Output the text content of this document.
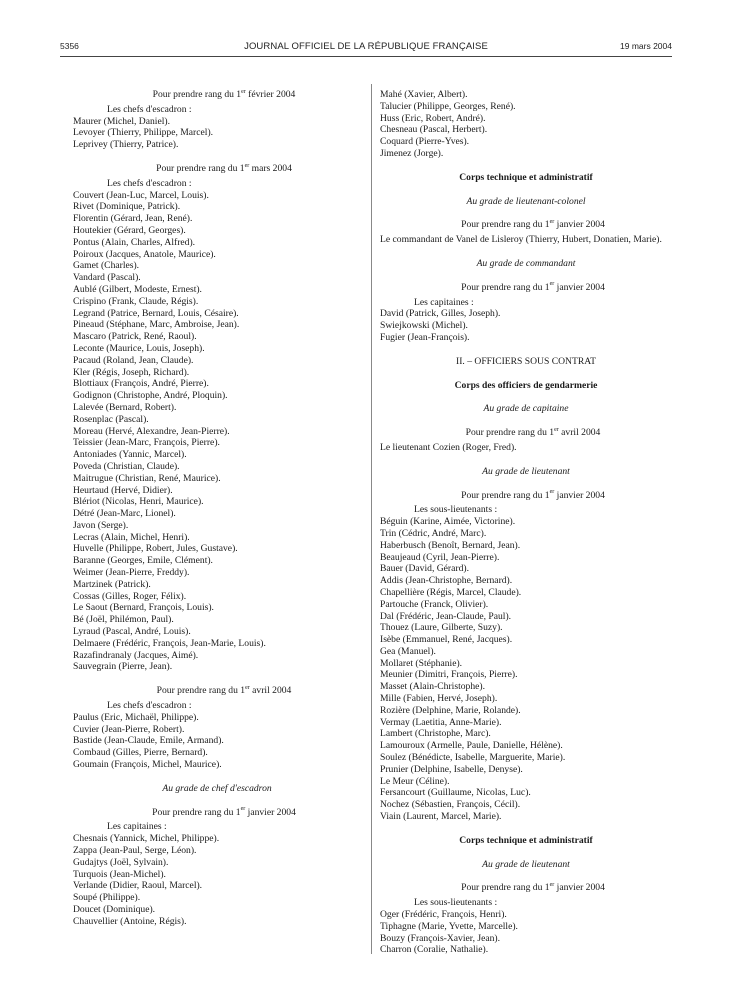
5356	JOURNAL OFFICIEL DE LA RÉPUBLIQUE FRANÇAISE	19 mars 2004
Pour prendre rang du 1er février 2004
Les chefs d'escadron :
Maurer (Michel, Daniel).
Levoyer (Thierry, Philippe, Marcel).
Leprivey (Thierry, Patrice).
Pour prendre rang du 1er mars 2004
Les chefs d'escadron :
Couvert (Jean-Luc, Marcel, Louis).
Rivet (Dominique, Patrick).
Florentin (Gérard, Jean, René).
Houtekier (Gérard, Georges).
Pontus (Alain, Charles, Alfred).
Poiroux (Jacques, Anatole, Maurice).
Gamet (Charles).
Vandard (Pascal).
Aublé (Gilbert, Modeste, Ernest).
Crispino (Frank, Claude, Régis).
Legrand (Patrice, Bernard, Louis, Césaire).
Pineaud (Stéphane, Marc, Ambroise, Jean).
Mascaro (Patrick, René, Raoul).
Leconte (Maurice, Louis, Joseph).
Pacaud (Roland, Jean, Claude).
Kler (Régis, Joseph, Richard).
Blottiaux (François, André, Pierre).
Godignon (Christophe, André, Ploquin).
Lalevée (Bernard, Robert).
Rosenplac (Pascal).
Moreau (Hervé, Alexandre, Jean-Pierre).
Teissier (Jean-Marc, François, Pierre).
Antoniades (Yannic, Marcel).
Poveda (Christian, Claude).
Maitrugue (Christian, René, Maurice).
Heurtaud (Hervé, Didier).
Blériot (Nicolas, Henri, Maurice).
Détré (Jean-Marc, Lionel).
Javon (Serge).
Lecras (Alain, Michel, Henri).
Huvelle (Philippe, Robert, Jules, Gustave).
Baranne (Georges, Emile, Clément).
Weimer (Jean-Pierre, Freddy).
Martzinek (Patrick).
Cossas (Gilles, Roger, Félix).
Le Saout (Bernard, François, Louis).
Bé (Joël, Philémon, Paul).
Lyraud (Pascal, André, Louis).
Delmaere (Frédéric, François, Jean-Marie, Louis).
Razafindranaly (Jacques, Aimé).
Sauvegrain (Pierre, Jean).
Pour prendre rang du 1er avril 2004
Les chefs d'escadron :
Paulus (Eric, Michaël, Philippe).
Cuvier (Jean-Pierre, Robert).
Bastide (Jean-Claude, Emile, Armand).
Combaud (Gilles, Pierre, Bernard).
Goumain (François, Michel, Maurice).
Au grade de chef d'escadron
Pour prendre rang du 1er janvier 2004
Les capitaines :
Chesnais (Yannick, Michel, Philippe).
Zappa (Jean-Paul, Serge, Léon).
Gudajtys (Joël, Sylvain).
Turquois (Jean-Michel).
Verlande (Didier, Raoul, Marcel).
Soupé (Philippe).
Doucet (Dominique).
Chauvellier (Antoine, Régis).
Mahé (Xavier, Albert).
Talucier (Philippe, Georges, René).
Huss (Eric, Robert, André).
Chesneau (Pascal, Herbert).
Coquard (Pierre-Yves).
Jimenez (Jorge).
Corps technique et administratif
Au grade de lieutenant-colonel
Pour prendre rang du 1er janvier 2004
Le commandant de Vanel de Lisleroy (Thierry, Hubert, Donatien, Marie).
Au grade de commandant
Pour prendre rang du 1er janvier 2004
Les capitaines :
David (Patrick, Gilles, Joseph).
Swiejkowski (Michel).
Fugier (Jean-François).
II. – OFFICIERS SOUS CONTRAT
Corps des officiers de gendarmerie
Au grade de capitaine
Pour prendre rang du 1er avril 2004
Le lieutenant Cozien (Roger, Fred).
Au grade de lieutenant
Pour prendre rang du 1er janvier 2004
Les sous-lieutenants :
Béguin (Karine, Aimée, Victorine).
Trin (Cédric, André, Marc).
Haberbusch (Benoît, Bernard, Jean).
Beaujeaud (Cyril, Jean-Pierre).
Bauer (David, Gérard).
Addis (Jean-Christophe, Bernard).
Chapellière (Régis, Marcel, Claude).
Partouche (Franck, Olivier).
Dal (Frédéric, Jean-Claude, Paul).
Thouez (Laure, Gilberte, Suzy).
Isèbe (Emmanuel, René, Jacques).
Gea (Manuel).
Mollaret (Stéphanie).
Meunier (Dimitri, François, Pierre).
Masset (Alain-Christophe).
Mille (Fabien, Hervé, Joseph).
Rozière (Delphine, Marie, Rolande).
Vermay (Laetitia, Anne-Marie).
Lambert (Christophe, Marc).
Lamouroux (Armelle, Paule, Danielle, Hélène).
Soulez (Bénédicte, Isabelle, Marguerite, Marie).
Prunier (Delphine, Isabelle, Denyse).
Le Meur (Céline).
Fersancourt (Guillaume, Nicolas, Luc).
Nochez (Sébastien, François, Cécil).
Viain (Laurent, Marcel, Marie).
Corps technique et administratif
Au grade de lieutenant
Pour prendre rang du 1er janvier 2004
Les sous-lieutenants :
Oger (Frédéric, François, Henri).
Tiphagne (Marie, Yvette, Marcelle).
Bouzy (François-Xavier, Jean).
Charron (Coralie, Nathalie).
